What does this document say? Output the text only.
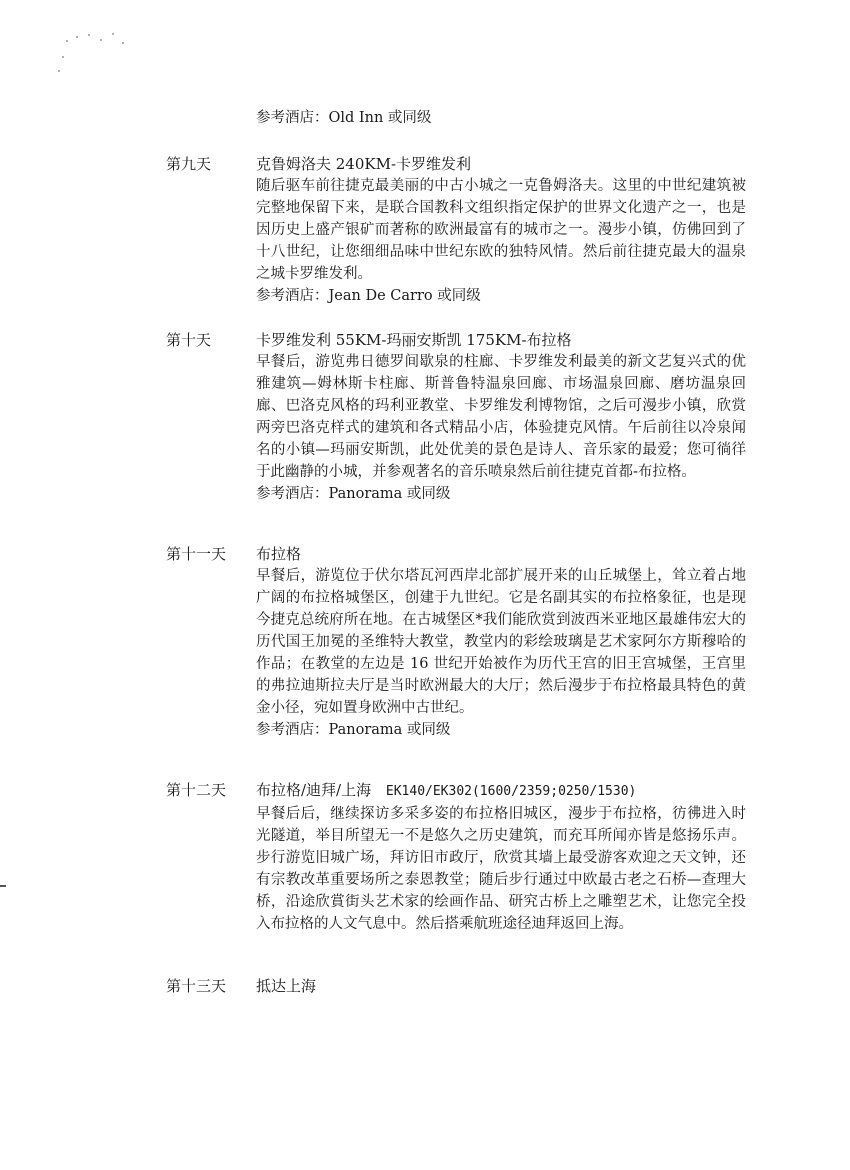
参考酒店：Old Inn 或同级
第九天	克鲁姆洛夫 240KM-卡罗维发利
随后驱车前往捷克最美丽的中古小城之一克鲁姆洛夫。这里的中世纪建筑被完整地保留下来，是联合国教科文组织指定保护的世界文化遗产之一，也是因历史上盛产银矿而著称的欧洲最富有的城市之一。漫步小镇，仿佛回到了十八世纪，让您细细品味中世纪东欧的独特风情。然后前往捷克最大的温泉之城卡罗维发利。
参考酒店：Jean De Carro 或同级
第十天	卡罗维发利 55KM-玛丽安斯凯 175KM-布拉格
早餐后，游览弗日德罗间歇泉的柱廊、卡罗维发利最美的新文艺复兴式的优雅建筑—姆林斯卡柱廊、斯普鲁特温泉回廊、市场温泉回廊、磨坊温泉回廊、巴洛克风格的玛利亚教堂、卡罗维发利博物馆，之后可漫步小镇，欣赏两旁巴洛克样式的建筑和各式精品小店，体验捷克风情。午后前往以冷泉闻名的小镇—玛丽安斯凯，此处优美的景色是诗人、音乐家的最爱；您可徜徉于此幽静的小城，并参观著名的音乐喷泉然后前往捷克首都-布拉格。
参考酒店：Panorama 或同级
第十一天	布拉格
早餐后，游览位于伏尔塔瓦河西岸北部扩展开来的山丘城堡上，耸立着占地广阔的布拉格城堡区，创建于九世纪。它是名副其实的布拉格象征，也是现今捷克总统府所在地。在古城堡区*我们能欣赏到波西米亚地区最雄伟宏大的历代国王加冕的圣维特大教堂，教堂内的彩绘玻璃是艺术家阿尔方斯穆哈的作品；在教堂的左边是 16 世纪开始被作为历代王宫的旧王宫城堡，王宫里的弗拉迪斯拉夫厅是当时欧洲最大的大厅；然后漫步于布拉格最具特色的黄金小径，宛如置身欧洲中古世纪。
参考酒店：Panorama 或同级
第十二天	布拉格/迪拜/上海 EK140/EK302(1600/2359;0250/1530)
早餐后后，继续探访多采多姿的布拉格旧城区，漫步于布拉格，彷彿进入时光隧道，举目所望无一不是悠久之历史建筑，而充耳所闻亦皆是悠扬乐声。步行游览旧城广场，拜访旧市政厅，欣赏其墙上最受游客欢迎之天文钟，还有宗教改革重要场所之泰恩教堂；随后步行通过中欧最古老之石桥—查理大桥，沿途欣賞街头艺术家的绘画作品、研究古桥上之雕塑艺术，让您完全投入布拉格的人文气息中。然后搭乘航班途径迪拜返回上海。
第十三天	抵达上海
